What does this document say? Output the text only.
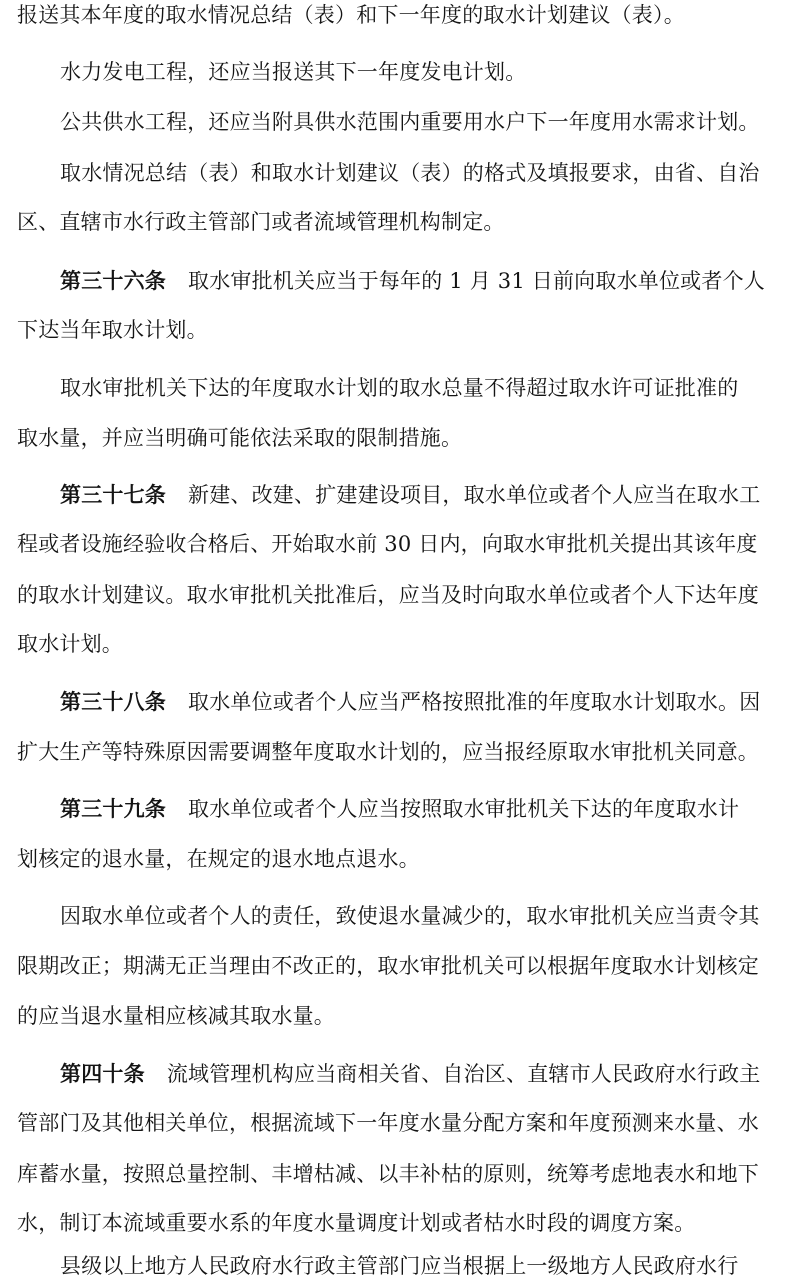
报送其本年度的取水情况总结（表）和下一年度的取水计划建议（表）。
水力发电工程，还应当报送其下一年度发电计划。
公共供水工程，还应当附具供水范围内重要用水户下一年度用水需求计划。
取水情况总结（表）和取水计划建议（表）的格式及填报要求，由省、自治
区、直辖市水行政主管部门或者流域管理机构制定。
第三十六条 取水审批机关应当于每年的 1 月 31 日前向取水单位或者个人
下达当年取水计划。
取水审批机关下达的年度取水计划的取水总量不得超过取水许可证批准的
取水量，并应当明确可能依法采取的限制措施。
第三十七条 新建、改建、扩建建设项目，取水单位或者个人应当在取水工
程或者设施经验收合格后、开始取水前 30 日内，向取水审批机关提出其该年度
的取水计划建议。取水审批机关批准后，应当及时向取水单位或者个人下达年度
取水计划。
第三十八条 取水单位或者个人应当严格按照批准的年度取水计划取水。因
扩大生产等特殊原因需要调整年度取水计划的，应当报经原取水审批机关同意。
第三十九条 取水单位或者个人应当按照取水审批机关下达的年度取水计
划核定的退水量，在规定的退水地点退水。
因取水单位或者个人的责任，致使退水量减少的，取水审批机关应当责令其
限期改正；期满无正当理由不改正的，取水审批机关可以根据年度取水计划核定
的应当退水量相应核减其取水量。
第四十条 流域管理机构应当商相关省、自治区、直辖市人民政府水行政主
管部门及其他相关单位，根据流域下一年度水量分配方案和年度预测来水量、水
库蓄水量，按照总量控制、丰增枯减、以丰补枯的原则，统筹考虑地表水和地下
水，制订本流域重要水系的年度水量调度计划或者枯水时段的调度方案。
县级以上地方人民政府水行政主管部门应当根据上一级地方人民政府水行
